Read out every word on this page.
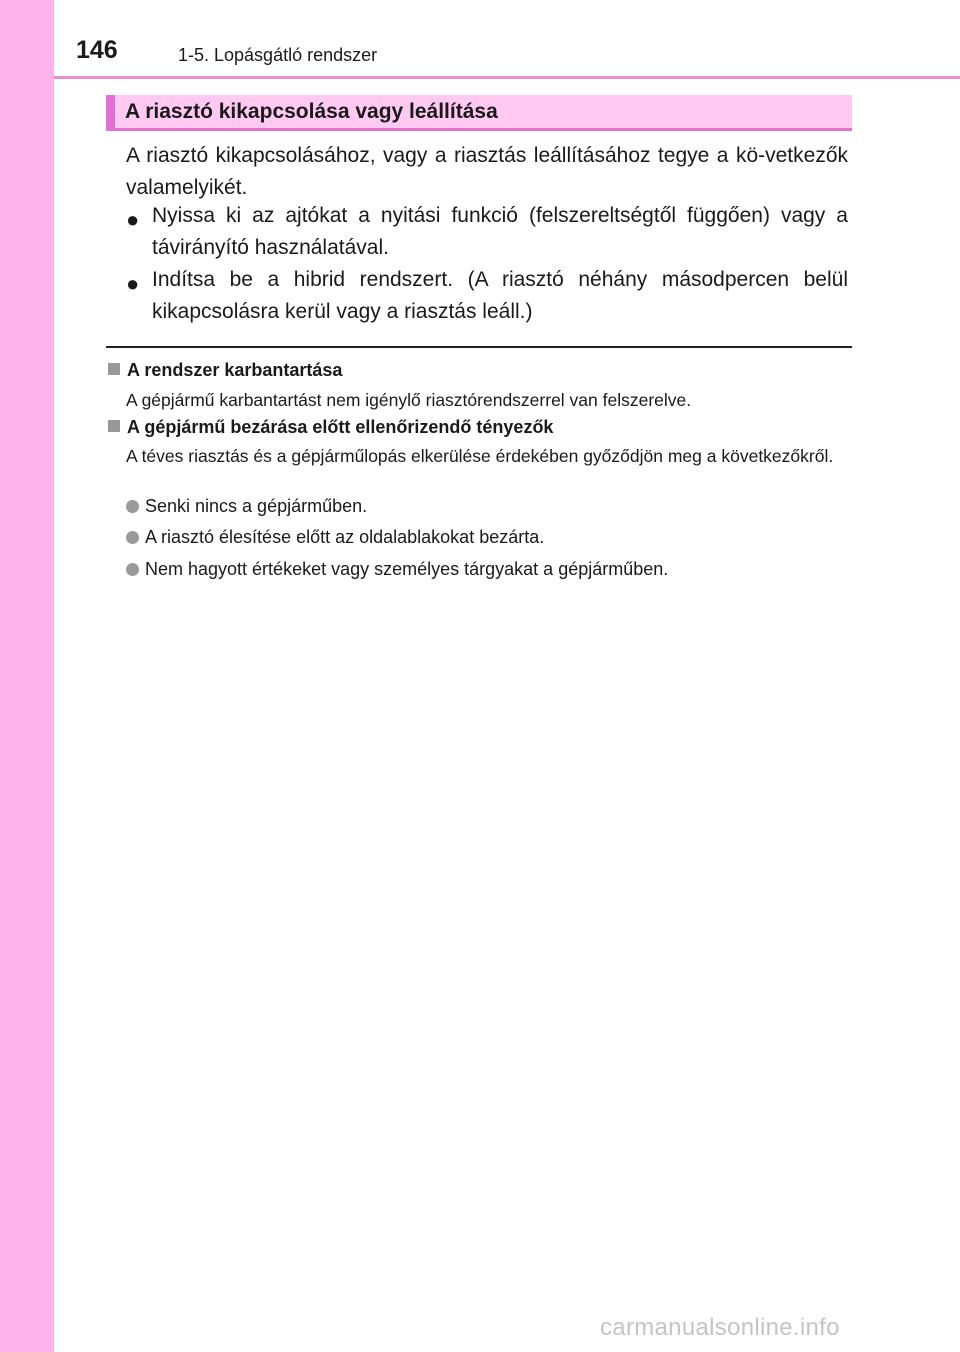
146	1-5. Lopásgátló rendszer
A riasztó kikapcsolása vagy leállítása

A riasztó kikapcsolásához, vagy a riasztás leállításához tegye a kö-vetkezők valamelyikét.

● Nyissa ki az ajtókat a nyitási funkció (felszereltségtől függően) vagy a távirányító használatával.
● Indítsa be a hibrid rendszert. (A riasztó néhány másodpercen belül kikapcsolásra kerül vagy a riasztás leáll.)
A rendszer karbantartása

A gépjármű karbantartást nem igénylő riasztórendszerrel van felszerelve.

A gépjármű bezárása előtt ellenőrizendő tényezők

A téves riasztás és a gépjárműlopás elkerülése érdekében győződjön meg a következőkről.

Senki nincs a gépjárműben.
A riasztó élesítése előtt az oldalablakokat bezárta.
Nem hagyott értékeket vagy személyes tárgyakat a gépjárműben.
carmanualsonline.info
